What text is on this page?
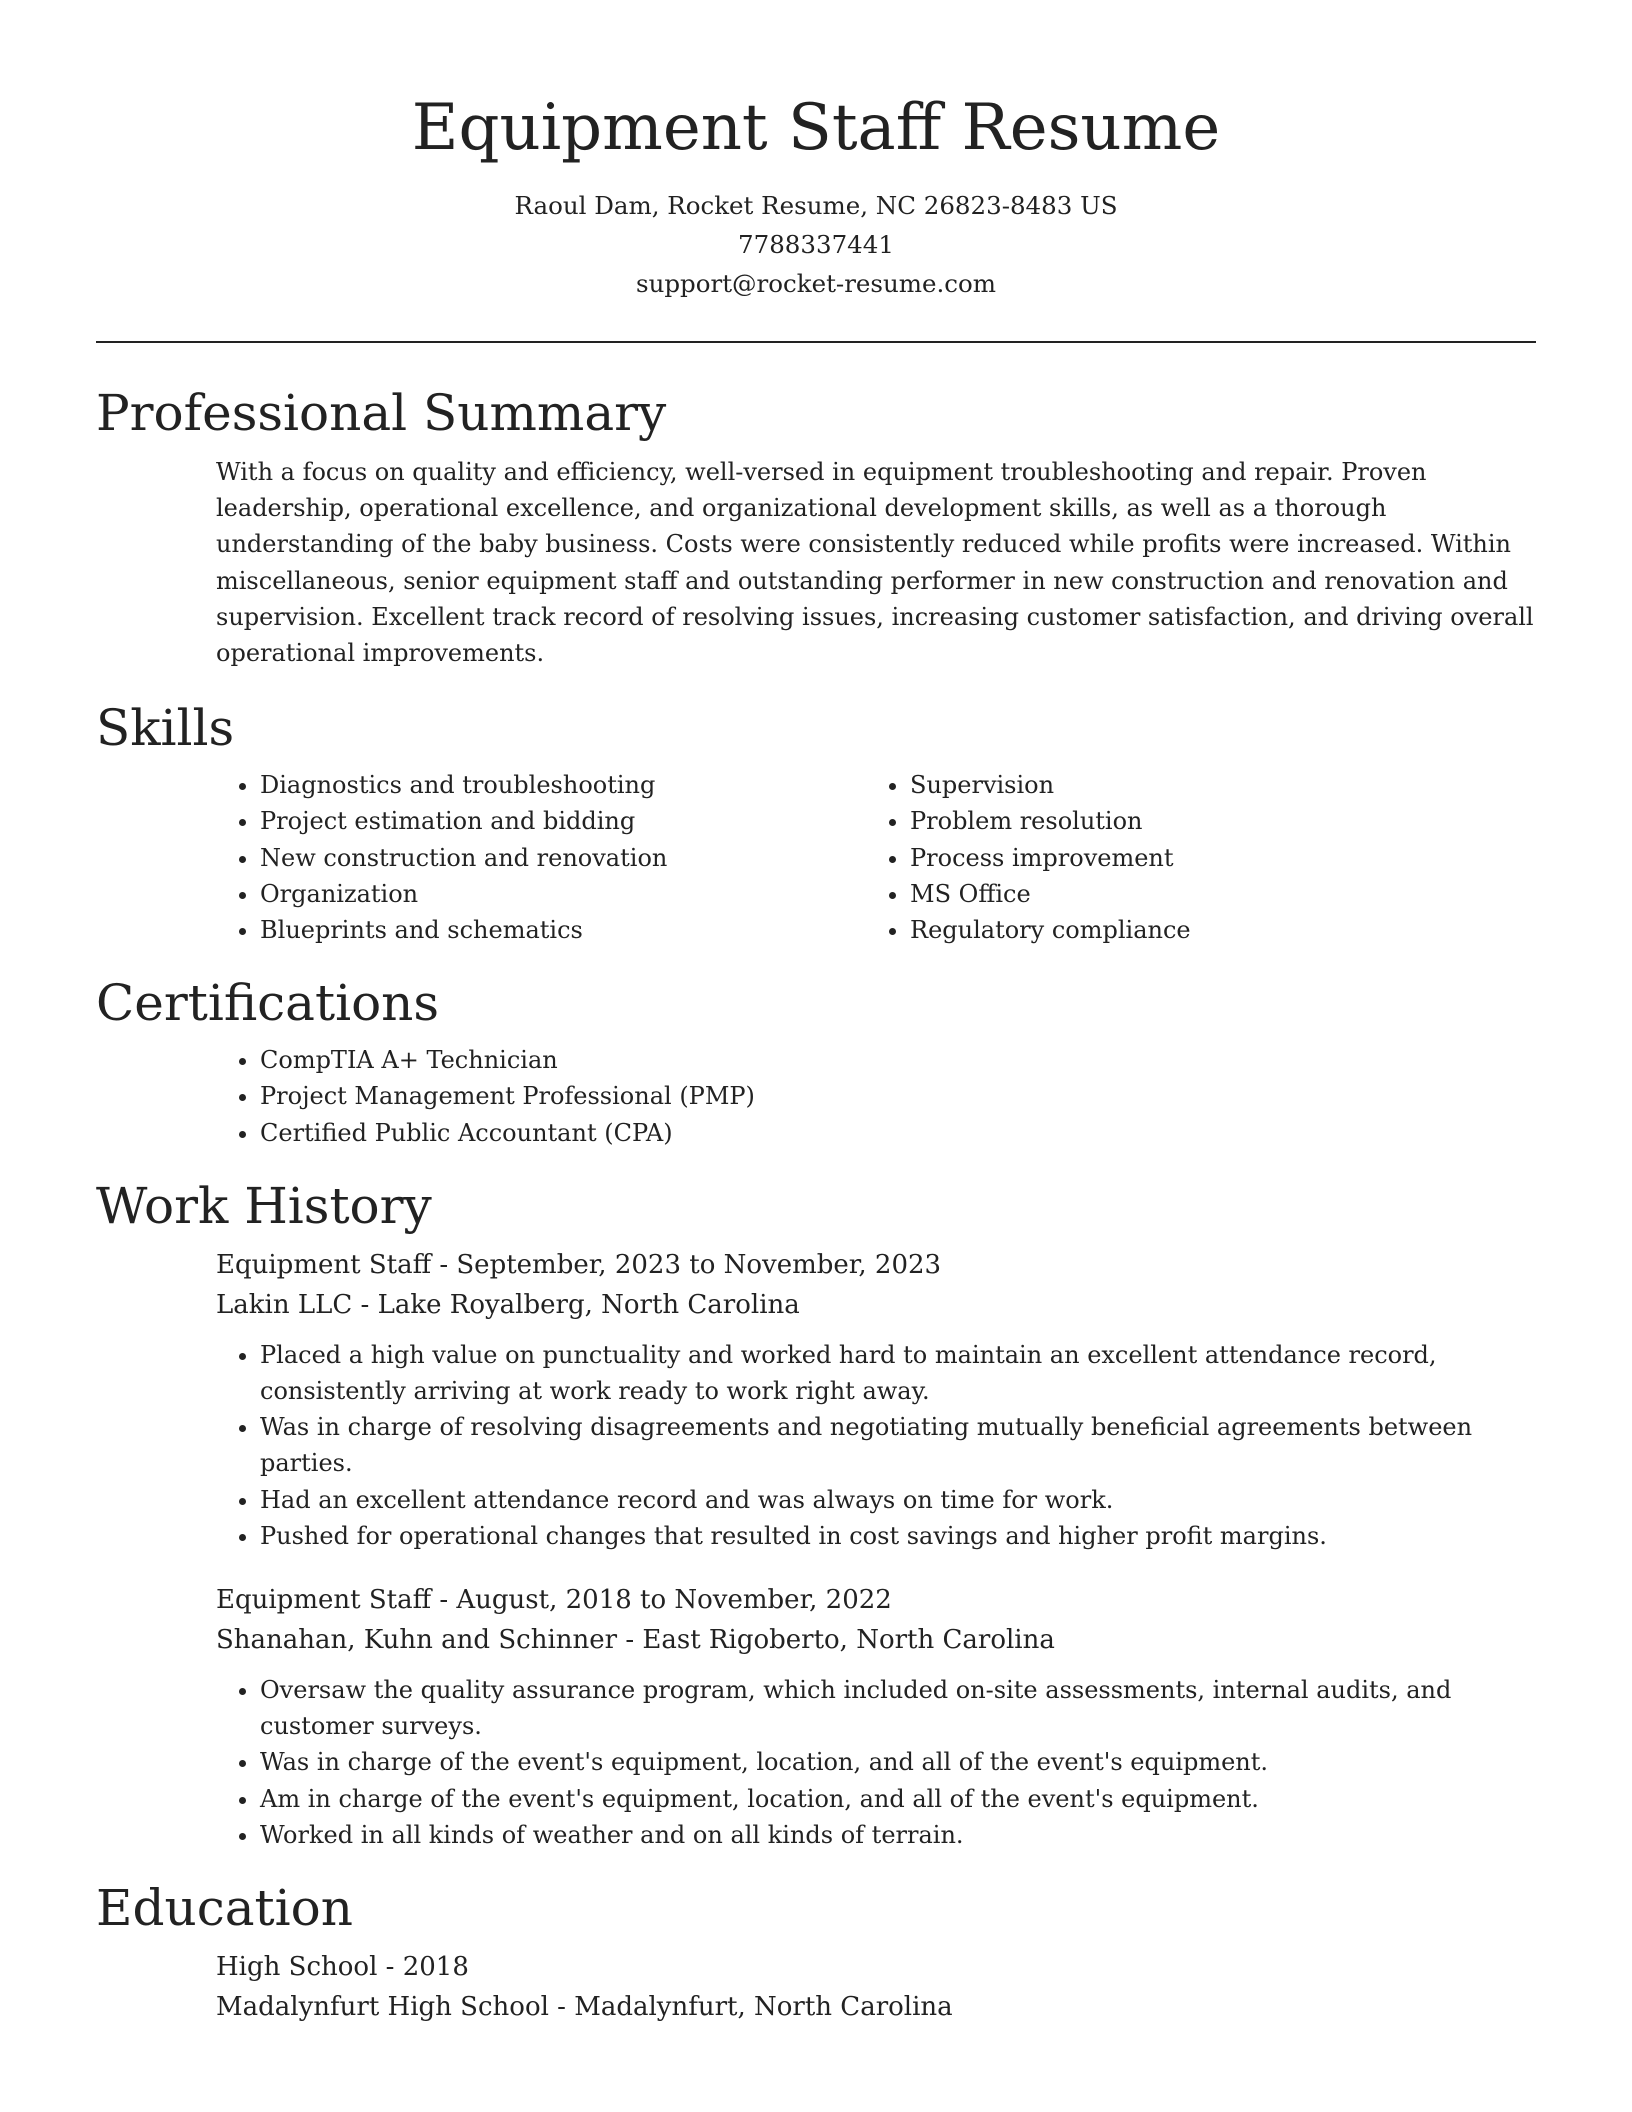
Equipment Staff Resume
Raoul Dam, Rocket Resume, NC 26823-8483 US
7788337441
support@rocket-resume.com
Professional Summary

With a focus on quality and efficiency, well-versed in equipment troubleshooting and repair. Proven leadership, operational excellence, and organizational development skills, as well as a thorough understanding of the baby business. Costs were consistently reduced while profits were increased. Within miscellaneous, senior equipment staff and outstanding performer in new construction and renovation and supervision. Excellent track record of resolving issues, increasing customer satisfaction, and driving overall operational improvements.

Skills
• Diagnostics and troubleshooting
• Project estimation and bidding
• New construction and renovation
• Organization
• Blueprints and schematics
• Supervision
• Problem resolution
• Process improvement
• MS Office
• Regulatory compliance
Certifications
• CompTIA A+ Technician
• Project Management Professional (PMP)
• Certified Public Accountant (CPA)
Work History
Equipment Staff - September, 2023 to November, 2023
Lakin LLC - Lake Royalberg, North Carolina
• Placed a high value on punctuality and worked hard to maintain an excellent attendance record, consistently arriving at work ready to work right away.
• Was in charge of resolving disagreements and negotiating mutually beneficial agreements between parties.
• Had an excellent attendance record and was always on time for work.
• Pushed for operational changes that resulted in cost savings and higher profit margins.
Equipment Staff - August, 2018 to November, 2022
Shanahan, Kuhn and Schinner - East Rigoberto, North Carolina
• Oversaw the quality assurance program, which included on-site assessments, internal audits, and customer surveys.
• Was in charge of the event's equipment, location, and all of the event's equipment.
• Am in charge of the event's equipment, location, and all of the event's equipment.
• Worked in all kinds of weather and on all kinds of terrain.
Education
High School - 2018
Madalynfurt High School - Madalynfurt, North Carolina
